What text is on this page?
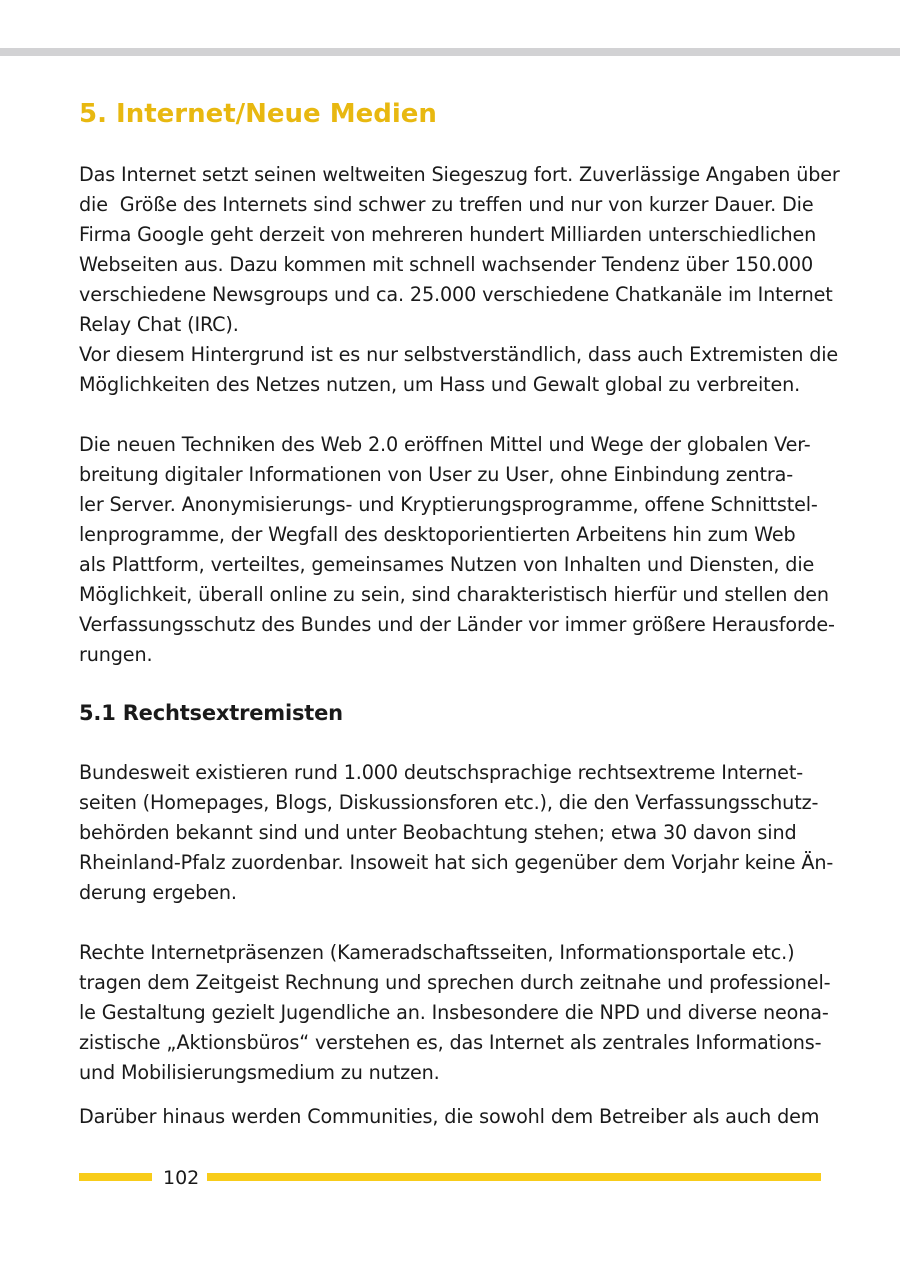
5. Internet/Neue Medien

Das Internet setzt seinen weltweiten Siegeszug fort. Zuverlässige Angaben über
die  Größe des Internets sind schwer zu treffen und nur von kurzer Dauer. Die
Firma Google geht derzeit von mehreren hundert Milliarden unterschiedlichen
Webseiten aus. Dazu kommen mit schnell wachsender Tendenz über 150.000
verschiedene Newsgroups und ca. 25.000 verschiedene Chatkanäle im Internet
Relay Chat (IRC).
Vor diesem Hintergrund ist es nur selbstverständlich, dass auch Extremisten die
Möglichkeiten des Netzes nutzen, um Hass und Gewalt global zu verbreiten.

Die neuen Techniken des Web 2.0 eröffnen Mittel und Wege der globalen Ver-
breitung digitaler Informationen von User zu User, ohne Einbindung zentra-
ler Server. Anonymisierungs- und Kryptierungsprogramme, offene Schnittstel-
lenprogramme, der Wegfall des desktoporientierten Arbeitens hin zum Web
als Plattform, verteiltes, gemeinsames Nutzen von Inhalten und Diensten, die
Möglichkeit, überall online zu sein, sind charakteristisch hierfür und stellen den
Verfassungsschutz des Bundes und der Länder vor immer größere Herausforde-
rungen.

5.1 Rechtsextremisten

Bundesweit existieren rund 1.000 deutschsprachige rechtsextreme Internet-
seiten (Homepages, Blogs, Diskussionsforen etc.), die den Verfassungsschutz-
behörden bekannt sind und unter Beobachtung stehen; etwa 30 davon sind
Rheinland-Pfalz zuordenbar. Insoweit hat sich gegenüber dem Vorjahr keine Än-
derung ergeben.

Rechte Internetpräsenzen (Kameradschaftsseiten, Informationsportale etc.)
tragen dem Zeitgeist Rechnung und sprechen durch zeitnahe und professionel-
le Gestaltung gezielt Jugendliche an. Insbesondere die NPD und diverse neona-
zistische „Aktionsbüros“ verstehen es, das Internet als zentrales Informations-
und Mobilisierungsmedium zu nutzen.

Darüber hinaus werden Communities, die sowohl dem Betreiber als auch dem

102
